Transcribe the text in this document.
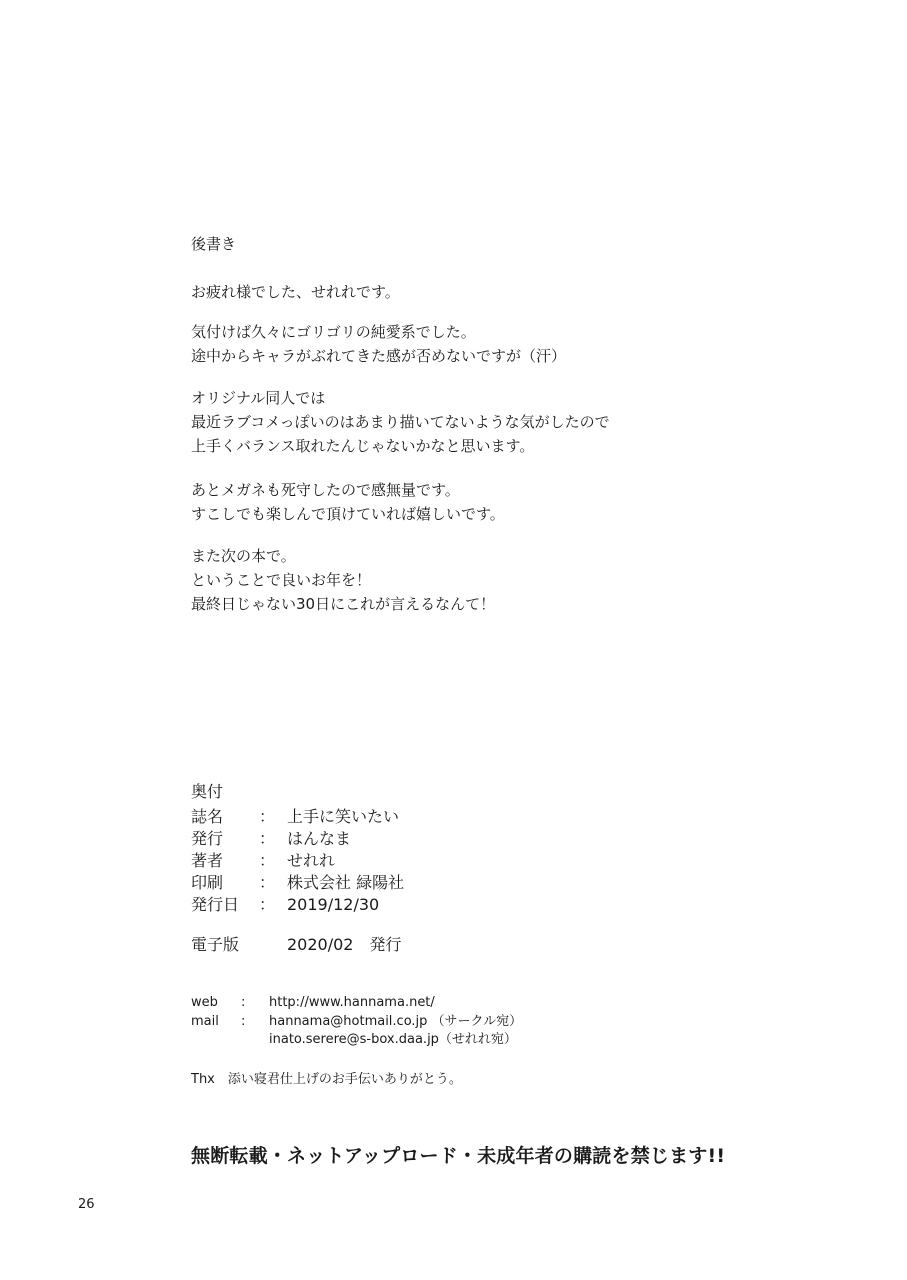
後書き
お疲れ様でした、せれれです。
気付けば久々にゴリゴリの純愛系でした。
途中からキャラがぶれてきた感が否めないですが（汗）
オリジナル同人では
最近ラブコメっぽいのはあまり描いてないような気がしたので
上手くバランス取れたんじゃないかなと思います。
あとメガネも死守したので感無量です。
すこしでも楽しんで頂けていれば嬉しいです。
また次の本で。
ということで良いお年を！
最終日じゃない30日にこれが言えるなんて！
奥付
誌名	： 上手に笑いたい
発行	： はんなま
著者	： せれれ
印刷	： 株式会社 緑陽社
発行日	： 2019/12/30
電子版	2020/02　発行
web : http://www.hannama.net/
mail : hannama@hotmail.co.jp （サークル宛）
inato.serere@s-box.daa.jp（せれれ宛）
Thx　添い寝君仕上げのお手伝いありがとう。
無断転載・ネットアップロード・未成年者の購読を禁じます!!
26
